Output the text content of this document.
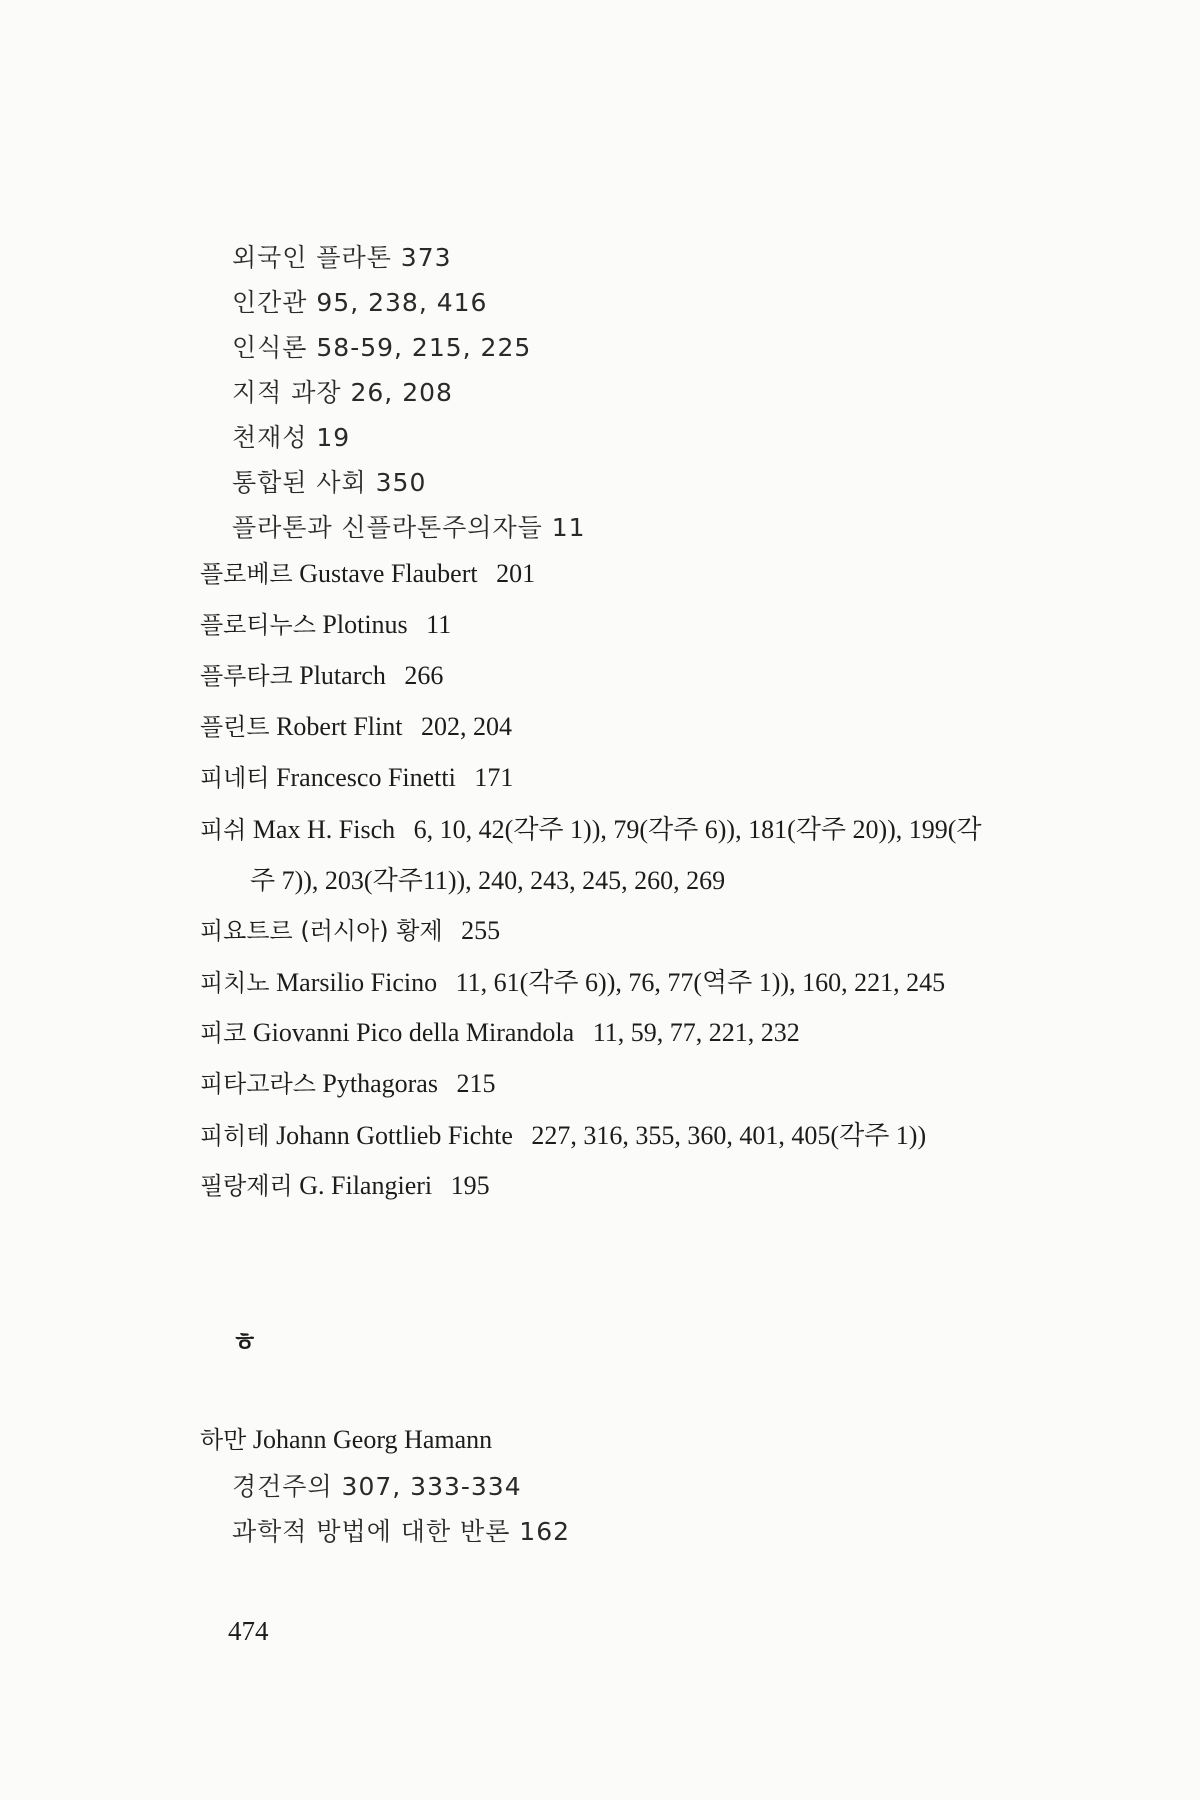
외국인 플라톤 373
인간관 95, 238, 416
인식론 58-59, 215, 225
지적 과장 26, 208
천재성 19
통합된 사회 350
플라톤과 신플라톤주의자들 11
플로베르 Gustave Flaubert 201
플로티누스 Plotinus 11
플루타크 Plutarch 266
플린트 Robert Flint 202, 204
피네티 Francesco Finetti 171
피쉬 Max H. Fisch 6, 10, 42(각주 1)), 79(각주 6)), 181(각주 20)), 199(각
주 7)), 203(각주11)), 240, 243, 245, 260, 269
피요트르 (러시아) 황제 255
피치노 Marsilio Ficino 11, 61(각주 6)), 76, 77(역주 1)), 160, 221, 245
피코 Giovanni Pico della Mirandola 11, 59, 77, 221, 232
피타고라스 Pythagoras 215
피히테 Johann Gottlieb Fichte 227, 316, 355, 360, 401, 405(각주 1))
필랑제리 G. Filangieri 195
ㅎ
하만 Johann Georg Hamann
경건주의 307, 333-334
과학적 방법에 대한 반론 162
474
